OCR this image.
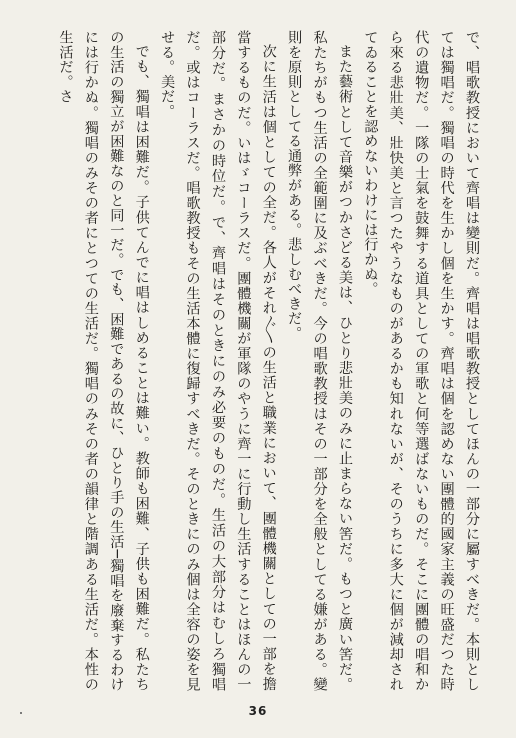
で、唱歌教授において齊唱は變則だ。齊唱は唱歌教授としてほんの一部分に屬すべきだ。本則としては獨唱だ。獨唱の時代を生かし個を生かす。齊唱は個を認めない團體的國家主義の旺盛だつた時代の遺物だ。一隊の士氣を鼓舞する道具としての軍歌と何等選ばないものだ。そこに團體の唱和から來る悲壯美、壯快美と言つたやうなものがあるかも知れないが、そのうちに多大に個が減却されてゐることを認めないわけには行かぬ。

また藝術として音樂がつかさどる美は、ひとり悲壯美のみに止まらない筈だ。もつと廣い筈だ。私たちがもつ生活の全範圍に及ぶべきだ。今の唱歌教授はその一部分を全般としてる嫌がある。變則を原則としてる通弊がある。悲しむべきだ。

次に生活は個としての全だ。各人がそれ〴〵の生活と職業において、團體機關としての一部を擔當するものだ。いはゞコーラスだ。團體機關が軍隊のやうに齊一に行動し生活することはほんの一部分だ。まさかの時位だ。で、齊唱はそのときにのみ必要のものだ。生活の大部分はむしろ獨唱だ。或はコーラスだ。唱歌教授もその生活本體に復歸すべきだ。そのときにのみ個は全容の姿を見せる。美だ。

でも、獨唱は困難だ。子供てんでに唱はしめることは難い。教師も困難、子供も困難だ。私たちの生活の獨立が困難なのと同一だ。でも、困難であるの故に、ひとり手の生活─獨唱を廢棄するわけには行かぬ。獨唱のみその者にとつての生活だ。獨唱のみその者の韻律と階調ある生活だ。本性の生活だ。さ

36
